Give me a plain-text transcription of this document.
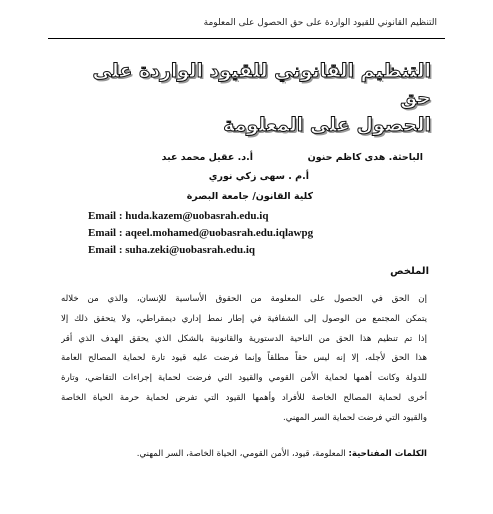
التنظيم القانوني للقيود الواردة على حق الحصول على المعلومة
التنظيم القانوني للقيود الواردة على حق
الحصول على المعلومة
الباحثة. هدى كاظم حنون
أ.د. عقيل محمد عبد
أ.م . سهى زكي نوري
كلية القانون/ جامعة البصرة
Email : huda.kazem@uobasrah.edu.iq
Email : aqeel.mohamed@uobasrah.edu.iqlawpg
Email : suha.zeki@uobasrah.edu.iq
الملخص
إن الحق في الحصول على المعلومة من الحقوق الأساسية للإنسان، والذي من خلاله
يتمكن المجتمع من الوصول إلى الشفافية في إطار نمط إداري ديمقراطي، ولا يتحقق ذلك إلا
إذا تم تنظيم هذا الحق من الناحية الدستورية والقانونية بالشكل الذي يحقق الهدف الذي أقر
هذا الحق لأجله، إلا إنه ليس حقاً مطلقاً وإنما فرضت عليه قيود تارة لحماية المصالح العامة
للدولة وكانت أهمها لحماية الأمن القومي والقيود التي فرضت لحماية إجراءات التقاضي، وتارة
أخرى لحماية المصالح الخاصة للأفراد وأهمها القيود التي تفرض لحماية حرمة الحياة الخاصة
والقيود التي فرضت لحماية السر المهني.
الكلمات المفتاحية: المعلومة، قيود، الأمن القومي، الحياة الخاصة، السر المهني.
